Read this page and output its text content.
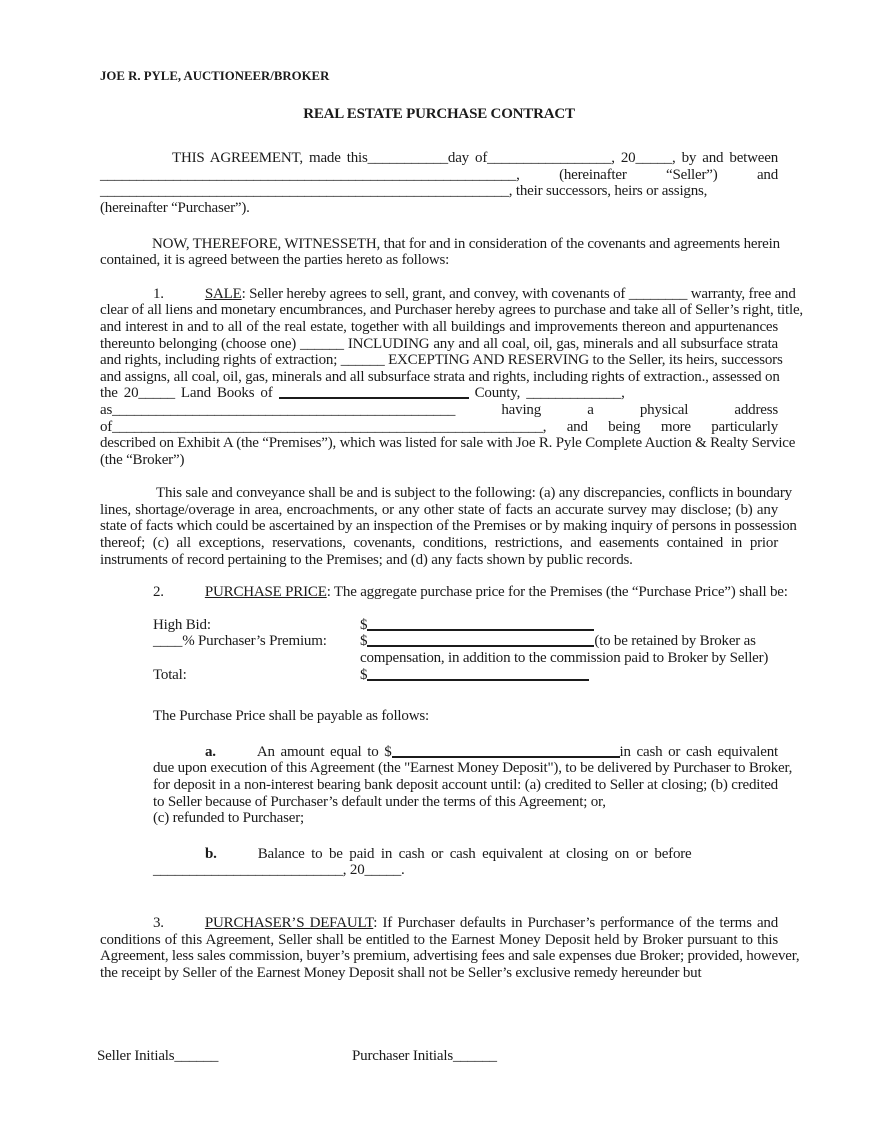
JOE R. PYLE, AUCTIONEER/BROKER
REAL ESTATE PURCHASE CONTRACT
THIS AGREEMENT, made this___________day of_________________, 20_____, by and between
_________________________________________________________, (hereinafter “Seller”) and
________________________________________________________, their successors, heirs or assigns,
(hereinafter “Purchaser”).
NOW, THEREFORE, WITNESSETH, that for and in consideration of the covenants and agreements herein
contained, it is agreed between the parties hereto as follows:
1.	SALE: Seller hereby agrees to sell, grant, and convey, with covenants of ________ warranty, free and
clear of all liens and monetary encumbrances, and Purchaser hereby agrees to purchase and take all of Seller’s right, title,
and interest in and to all of the real estate, together with all buildings and improvements thereon and appurtenances
thereunto belonging (choose one) ______ INCLUDING any and all coal, oil, gas, minerals and all subsurface strata
and rights, including rights of extraction; ______ EXCEPTING AND RESERVING to the Seller, its heirs, successors
and assigns, all coal, oil, gas, minerals and all subsurface strata and rights, including rights of extraction., assessed on
the 20_____ Land Books of	County, _____________,
as_______________________________________________ having a physical address
of___________________________________________________________, and being more particularly
described on Exhibit A (the “Premises”), which was listed for sale with Joe R. Pyle Complete Auction & Realty Service
(the “Broker”)
This sale and conveyance shall be and is subject to the following: (a) any discrepancies, conflicts in boundary
lines, shortage/overage in area, encroachments, or any other state of facts an accurate survey may disclose; (b) any
state of facts which could be ascertained by an inspection of the Premises or by making inquiry of persons in possession
thereof; (c) all exceptions, reservations, covenants, conditions, restrictions, and easements contained in prior
instruments of record pertaining to the Premises; and (d) any facts shown by public records.
2.	PURCHASE PRICE: The aggregate purchase price for the Premises (the “Purchase Price”) shall be:
High Bid:	$
____% Purchaser’s Premium:	$	(to be retained by Broker as
compensation, in addition to the commission paid to Broker by Seller)
Total:	$
The Purchase Price shall be payable as follows:
a.	An amount equal to $	in cash or cash equivalent
due upon execution of this Agreement (the "Earnest Money Deposit"), to be delivered by Purchaser to Broker,
for deposit in a non-interest bearing bank deposit account until: (a) credited to Seller at closing; (b) credited
to Seller because of Purchaser’s default under the terms of this Agreement; or,
(c) refunded to Purchaser;
b.	Balance to be paid in cash or cash equivalent at closing on or before
__________________________, 20_____.
3.	PURCHASER’S DEFAULT: If Purchaser defaults in Purchaser’s performance of the terms and
conditions of this Agreement, Seller shall be entitled to the Earnest Money Deposit held by Broker pursuant to this
Agreement, less sales commission, buyer’s premium, advertising fees and sale expenses due Broker; provided, however,
the receipt by Seller of the Earnest Money Deposit shall not be Seller’s exclusive remedy hereunder but
Seller Initials______	Purchaser Initials______
